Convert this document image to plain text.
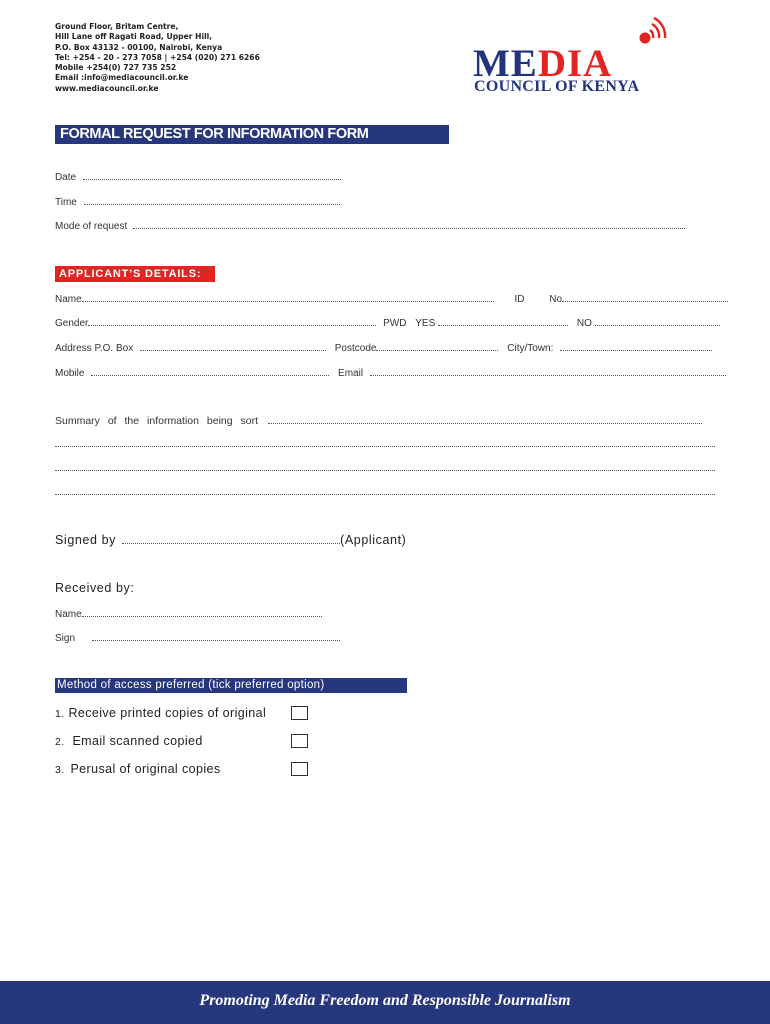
Ground Floor, Britam Centre,
Hill Lane off Ragati Road, Upper Hill,
P.O. Box 43132 - 00100, Nairobi, Kenya
Tel: +254 - 20 - 273 7058 | +254 (020) 271 6266
Mobile +254(0) 727 735 252
Email :info@mediacouncil.or.ke
www.mediacouncil.or.ke
MEDIA
COUNCIL OF KENYA
FORMAL REQUEST FOR INFORMATION FORM
Date
Time
Mode of request
APPLICANT’S DETAILS:
Name	ID No
Gender	PWD YES	NO
Address P.O. Box	Postcode	City/Town:
Mobile	Email
Summary of the information being sort
Signed by	(Applicant)
Received by:
Name
Sign
Method of access preferred (tick preferred option)
1. Receive printed copies of original
2. Email scanned copied
3. Perusal of original copies
Promoting Media Freedom and Responsible Journalism
